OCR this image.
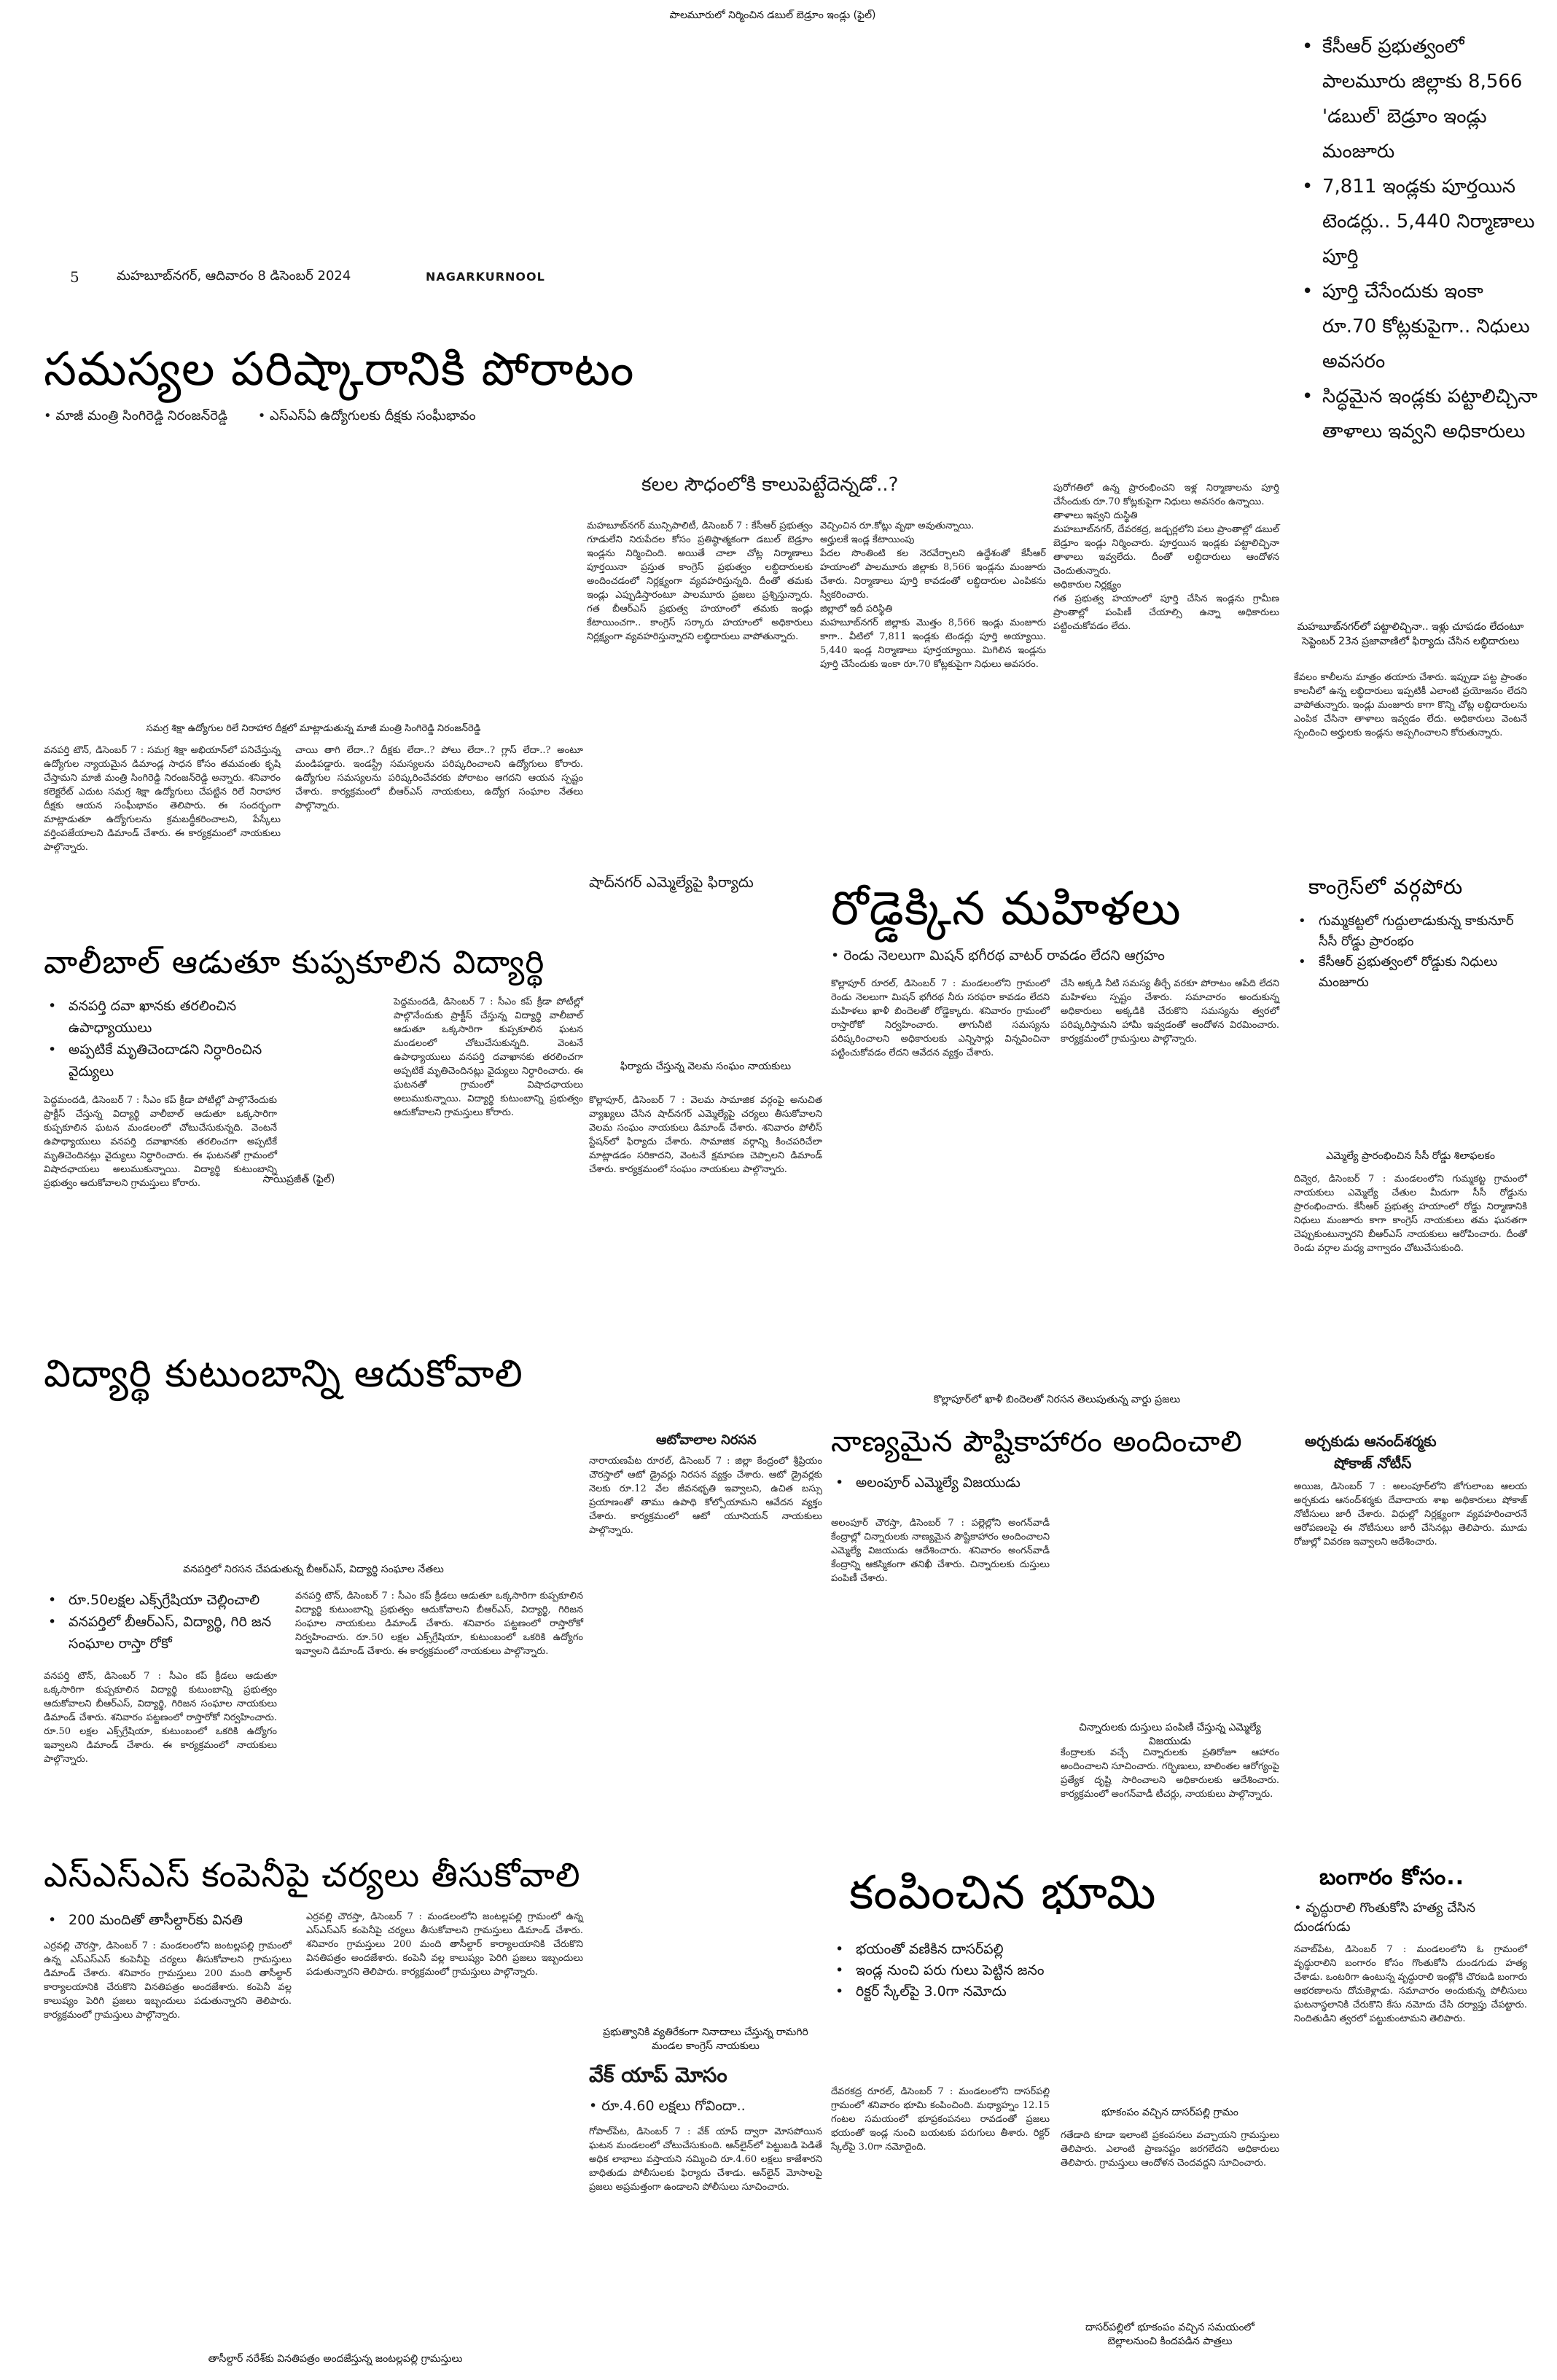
పాలమూరులో నిర్మించిన డబుల్ బెడ్రూం ఇండ్లు (ఫైల్)
5	మహబూబ్‌నగర్, ఆదివారం 8 డిసెంబర్ 2024	NAGARKURNOOL
• కేసీఆర్ ప్రభుత్వంలో పాలమూరు జిల్లాకు 8,566 'డబుల్' బెడ్రూం ఇండ్లు మంజూరు
• 7,811 ఇండ్లకు పూర్తయిన టెండర్లు.. 5,440 నిర్మాణాలు పూర్తి
• పూర్తి చేసేందుకు ఇంకా రూ.70 కోట్లకుపైగా.. నిధులు అవసరం
• సిద్ధమైన ఇండ్లకు పట్టాలిచ్చినా తాళాలు ఇవ్వని అధికారులు
సమస్యల పరిష్కారానికి పోరాటం
• మాజీ మంత్రి సింగిరెడ్డి నిరంజన్‌రెడ్డి • ఎస్ఎస్ఏ ఉద్యోగులకు దీక్షకు సంఘీభావం
సమగ్ర శిక్షా ఉద్యోగుల రిలే నిరాహార దీక్షలో మాట్లాడుతున్న మాజీ మంత్రి సింగిరెడ్డి నిరంజన్‌రెడ్డి
వనపర్తి టౌన్, డిసెంబర్ 7 : సమగ్ర శిక్షా అభియాన్‌లో పనిచేస్తున్న ఉద్యోగుల న్యాయమైన డిమాండ్ల సాధన కోసం తమవంతు కృషి చేస్తామని మాజీ మంత్రి సింగిరెడ్డి నిరంజన్‌రెడ్డి అన్నారు. శనివారం కలెక్టరేట్ ఎదుట సమగ్ర శిక్షా ఉద్యోగులు చేపట్టిన రిలే నిరాహార దీక్షకు ఆయన సంఘీభావం తెలిపారు. ఈ సందర్భంగా మాట్లాడుతూ ఉద్యోగులను క్రమబద్ధీకరించాలని, పేస్కేలు వర్తింపజేయాలని డిమాండ్ చేశారు. ఈ కార్యక్రమంలో నాయకులు పాల్గొన్నారు.
చాయి తాగి లేదా..? దీక్షకు లేదా..? పోలు లేదా..? గ్లాస్ లేదా..? అంటూ మండిపడ్డారు. ఇండస్ట్రీ సమస్యలను పరిష్కరించాలని ఉద్యోగులు కోరారు. ఉద్యోగుల సమస్యలను పరిష్కరించేవరకు పోరాటం ఆగదని ఆయన స్పష్టం చేశారు. కార్యక్రమంలో బీఆర్ఎస్ నాయకులు, ఉద్యోగ సంఘాల నేతలు పాల్గొన్నారు.
వాలీబాల్ ఆడుతూ కుప్పకూలిన విద్యార్థి
• వనపర్తి దవా ఖానకు తరలించిన ఉపాధ్యాయులు
• అప్పటికే మృతిచెందాడని నిర్ధారించిన వైద్యులు
సాయిప్రజీత్ (ఫైల్)
పెద్దమందడి, డిసెంబర్ 7 : సీఎం కప్ క్రీడా పోటీల్లో పాల్గొనేందుకు ప్రాక్టీస్ చేస్తున్న విద్యార్థి వాలీబాల్ ఆడుతూ ఒక్కసారిగా కుప్పకూలిన ఘటన మండలంలో చోటుచేసుకున్నది. వెంటనే ఉపాధ్యాయులు వనపర్తి దవాఖానకు తరలించగా అప్పటికే మృతిచెందినట్లు వైద్యులు నిర్ధారించారు. ఈ ఘటనతో గ్రామంలో విషాదఛాయలు అలుముకున్నాయి. విద్యార్థి కుటుంబాన్ని ప్రభుత్వం ఆదుకోవాలని గ్రామస్తులు కోరారు.
పెద్దమందడి, డిసెంబర్ 7 : సీఎం కప్ క్రీడా పోటీల్లో పాల్గొనేందుకు ప్రాక్టీస్ చేస్తున్న విద్యార్థి వాలీబాల్ ఆడుతూ ఒక్కసారిగా కుప్పకూలిన ఘటన మండలంలో చోటుచేసుకున్నది. వెంటనే ఉపాధ్యాయులు వనపర్తి దవాఖానకు తరలించగా అప్పటికే మృతిచెందినట్లు వైద్యులు నిర్ధారించారు. ఈ ఘటనతో గ్రామంలో విషాదఛాయలు అలుముకున్నాయి. విద్యార్థి కుటుంబాన్ని ప్రభుత్వం ఆదుకోవాలని గ్రామస్తులు కోరారు.
విద్యార్థి కుటుంబాన్ని ఆదుకోవాలి
వనపర్తిలో నిరసన చేపడుతున్న బీఆర్ఎస్, విద్యార్థి సంఘాల నేతలు
• రూ.50లక్షల ఎక్స్‌గ్రేషియా చెల్లించాలి
• వనపర్తిలో బీఆర్ఎస్, విద్యార్థి, గిరి జన సంఘాల రాస్తా రోకో
వనపర్తి టౌన్, డిసెంబర్ 7 : సీఎం కప్ క్రీడలు ఆడుతూ ఒక్కసారిగా కుప్పకూలిన విద్యార్థి కుటుంబాన్ని ప్రభుత్వం ఆదుకోవాలని బీఆర్ఎస్, విద్యార్థి, గిరిజన సంఘాల నాయకులు డిమాండ్ చేశారు. శనివారం పట్టణంలో రాస్తారోకో నిర్వహించారు. రూ.50 లక్షల ఎక్స్‌గ్రేషియా, కుటుంబంలో ఒకరికి ఉద్యోగం ఇవ్వాలని డిమాండ్ చేశారు. ఈ కార్యక్రమంలో నాయకులు పాల్గొన్నారు.
వనపర్తి టౌన్, డిసెంబర్ 7 : సీఎం కప్ క్రీడలు ఆడుతూ ఒక్కసారిగా కుప్పకూలిన విద్యార్థి కుటుంబాన్ని ప్రభుత్వం ఆదుకోవాలని బీఆర్ఎస్, విద్యార్థి, గిరిజన సంఘాల నాయకులు డిమాండ్ చేశారు. శనివారం పట్టణంలో రాస్తారోకో నిర్వహించారు. రూ.50 లక్షల ఎక్స్‌గ్రేషియా, కుటుంబంలో ఒకరికి ఉద్యోగం ఇవ్వాలని డిమాండ్ చేశారు. ఈ కార్యక్రమంలో నాయకులు పాల్గొన్నారు.
ఎస్ఎస్ఎస్ కంపెనీపై చర్యలు తీసుకోవాలి
• 200 మందితో తాసీల్దార్‌కు వినతి
ఎర్రవల్లి చౌరస్తా, డిసెంబర్ 7 : మండలంలోని జంటల్లపల్లి గ్రామంలో ఉన్న ఎస్ఎస్ఎస్ కంపెనీపై చర్యలు తీసుకోవాలని గ్రామస్తులు డిమాండ్ చేశారు. శనివారం గ్రామస్తులు 200 మంది తాసీల్దార్ కార్యాలయానికి చేరుకొని వినతిపత్రం అందజేశారు. కంపెనీ వల్ల కాలుష్యం పెరిగి ప్రజలు ఇబ్బందులు పడుతున్నారని తెలిపారు. కార్యక్రమంలో గ్రామస్తులు పాల్గొన్నారు.
ఎర్రవల్లి చౌరస్తా, డిసెంబర్ 7 : మండలంలోని జంటల్లపల్లి గ్రామంలో ఉన్న ఎస్ఎస్ఎస్ కంపెనీపై చర్యలు తీసుకోవాలని గ్రామస్తులు డిమాండ్ చేశారు. శనివారం గ్రామస్తులు 200 మంది తాసీల్దార్ కార్యాలయానికి చేరుకొని వినతిపత్రం అందజేశారు. కంపెనీ వల్ల కాలుష్యం పెరిగి ప్రజలు ఇబ్బందులు పడుతున్నారని తెలిపారు. కార్యక్రమంలో గ్రామస్తులు పాల్గొన్నారు.
తాసీల్దార్ నరేశ్‌కు వినతిపత్రం అందజేస్తున్న జంటల్లపల్లి గ్రామస్తులు
కలల సౌధంలోకి కాలుపెట్టేదెన్నడో..?
మహబూబ్‌నగర్ మున్సిపాలిటీ, డిసెంబర్ 7 : కేసీఆర్ ప్రభుత్వం గూడులేని నిరుపేదల కోసం ప్రతిష్ఠాత్మకంగా డబుల్ బెడ్రూం ఇండ్లను నిర్మించింది. అయితే చాలా చోట్ల నిర్మాణాలు పూర్తయినా ప్రస్తుత కాంగ్రెస్ ప్రభుత్వం లబ్ధిదారులకు అందించడంలో నిర్లక్ష్యంగా వ్యవహరిస్తున్నది. దీంతో తమకు ఇండ్లు ఎప్పుడిస్తారంటూ పాలమూరు ప్రజలు ప్రశ్నిస్తున్నారు. గత బీఆర్ఎస్ ప్రభుత్వ హయాంలో తమకు ఇండ్లు కేటాయించగా.. కాంగ్రెస్ సర్కారు హయాంలో అధికారులు నిర్లక్ష్యంగా వ్యవహరిస్తున్నారని లబ్ధిదారులు వాపోతున్నారు.
వెచ్చించిన రూ.కోట్లు వృథా అవుతున్నాయి.
అర్హులకే ఇండ్ల కేటాయింపు
పేదల సొంతింటి కల నెరవేర్చాలని ఉద్దేశంతో కేసీఆర్ హయాంలో పాలమూరు జిల్లాకు 8,566 ఇండ్లను మంజూరు చేశారు. నిర్మాణాలు పూర్తి కావడంతో లబ్ధిదారుల ఎంపికను స్వీకరించారు.
జిల్లాలో ఇదీ పరిస్థితి
మహబూబ్‌నగర్ జిల్లాకు మొత్తం 8,566 ఇండ్లు మంజూరు కాగా.. వీటిలో 7,811 ఇండ్లకు టెండర్లు పూర్తి అయ్యాయి. 5,440 ఇండ్ల నిర్మాణాలు పూర్తయ్యాయి. మిగిలిన ఇండ్లను పూర్తి చేసేందుకు ఇంకా రూ.70 కోట్లకుపైగా నిధులు అవసరం.
పురోగతిలో ఉన్న ప్రారంభించని ఇళ్ల నిర్మాణాలను పూర్తి చేసేందుకు రూ.70 కోట్లకుపైగా నిధులు అవసరం ఉన్నాయి.
తాళాలు ఇవ్వని దుస్థితి
మహబూబ్‌నగర్, దేవరకద్ర, జడ్చర్లలోని పలు ప్రాంతాల్లో డబుల్ బెడ్రూం ఇండ్లు నిర్మించారు. పూర్తయిన ఇండ్లకు పట్టాలిచ్చినా తాళాలు ఇవ్వలేదు. దీంతో లబ్ధిదారులు ఆందోళన చెందుతున్నారు.
అధికారుల నిర్లక్ష్యం
గత ప్రభుత్వ హయాంలో పూర్తి చేసిన ఇండ్లను గ్రామీణ ప్రాంతాల్లో పంపిణీ చేయాల్సి ఉన్నా అధికారులు పట్టించుకోవడం లేదు.	మహబూబ్‌నగర్‌లో పట్టాలిచ్చినా.. ఇళ్లు చూపడం లేదంటూ సెప్టెంబర్ 23న ప్రజావాణిలో ఫిర్యాదు చేసిన లబ్ధిదారులు
కేవలం కాలీలను మాత్రం తయారు చేశారు. ఇప్పుడా పట్ట ప్రాంతం కాలనీలో ఉన్న లబ్ధిదారులు ఇప్పటికీ ఎలాంటి ప్రయోజనం లేదని వాపోతున్నారు. ఇండ్లు మంజూరు కాగా కొన్ని చోట్ల లబ్ధిదారులను ఎంపిక చేసినా తాళాలు ఇవ్వడం లేదు. అధికారులు వెంటనే స్పందించి అర్హులకు ఇండ్లను అప్పగించాలని కోరుతున్నారు.
షాద్‌నగర్ ఎమ్మెల్యేపై ఫిర్యాదు రోడ్డెక్కిన మహిళలు
• రెండు నెలలుగా మిషన్ భగీరథ వాటర్ రావడం లేదని ఆగ్రహం
కొల్లాపూర్ రూరల్, డిసెంబర్ 7 : మండలంలోని గ్రామంలో రెండు నెలలుగా మిషన్ భగీరథ నీరు సరఫరా కావడం లేదని మహిళలు ఖాళీ బిందెలతో రోడ్డెక్కారు. శనివారం గ్రామంలో రాస్తారోకో నిర్వహించారు. తాగునీటి సమస్యను పరిష్కరించాలని అధికారులకు ఎన్నిసార్లు విన్నవించినా పట్టించుకోవడం లేదని ఆవేదన వ్యక్తం చేశారు.
చేసి అక్కడి నీటి సమస్య తీర్చే వరకూ పోరాటం ఆపేది లేదని మహిళలు స్పష్టం చేశారు. సమాచారం అందుకున్న అధికారులు అక్కడికి చేరుకొని సమస్యను త్వరలో పరిష్కరిస్తామని హామీ ఇవ్వడంతో ఆందోళన విరమించారు. కార్యక్రమంలో గ్రామస్తులు పాల్గొన్నారు.
కాంగ్రెస్‌లో వర్గపోరు
• గుమ్మకట్టలో గుద్దులాడుకున్న కాకునూర్ సీసీ రోడ్డు ప్రారంభం
• కేసీఆర్ ప్రభుత్వంలో రోడ్డుకు నిధులు మంజూరు
ఎమ్మెల్యే ప్రారంభించిన సీసీ రోడ్డు శిలాఫలకం
దివ్వెర, డిసెంబర్ 7 : మండలంలోని గుమ్మకట్ట గ్రామంలో నాయకులు ఎమ్మెల్యే చేతుల మీదుగా సీసీ రోడ్డును ప్రారంభించారు. కేసీఆర్ ప్రభుత్వ హయాంలో రోడ్డు నిర్మాణానికి నిధులు మంజూరు కాగా కాంగ్రెస్ నాయకులు తమ ఘనతగా చెప్పుకుంటున్నారని బీఆర్ఎస్ నాయకులు ఆరోపించారు. దీంతో రెండు వర్గాల మధ్య వాగ్వాదం చోటుచేసుకుంది.
ఫిర్యాదు చేస్తున్న వెలమ సంఘం నాయకులు
కొల్లాపూర్, డిసెంబర్ 7 : వెలమ సామాజిక వర్గంపై అనుచిత వ్యాఖ్యలు చేసిన షాద్‌నగర్ ఎమ్మెల్యేపై చర్యలు తీసుకోవాలని వెలమ సంఘం నాయకులు డిమాండ్ చేశారు. శనివారం పోలీస్ స్టేషన్‌లో ఫిర్యాదు చేశారు. సామాజిక వర్గాన్ని కించపరిచేలా మాట్లాడడం సరికాదని, వెంటనే క్షమాపణ చెప్పాలని డిమాండ్ చేశారు. కార్యక్రమంలో సంఘం నాయకులు పాల్గొన్నారు.
ఆటోవాలాల నిరసన
నారాయణపేట రూరల్, డిసెంబర్ 7 : జిల్లా కేంద్రంలో శ్రీప్రియం చౌరస్తాలో ఆటో డ్రైవర్లు నిరసన వ్యక్తం చేశారు. ఆటో డ్రైవర్లకు నెలకు రూ.12 వేల జీవనభృతి ఇవ్వాలని, ఉచిత బస్సు ప్రయాణంతో తాము ఉపాధి కోల్పోయామని ఆవేదన వ్యక్తం చేశారు. కార్యక్రమంలో ఆటో యూనియన్ నాయకులు పాల్గొన్నారు.
కొల్లాపూర్‌లో ఖాళీ బిందెలతో నిరసన తెలుపుతున్న వార్డు ప్రజలు
నాణ్యమైన పౌష్టికాహారం అందించాలి
• అలంపూర్ ఎమ్మెల్యే విజయుడు
అలంపూర్ చౌరస్తా, డిసెంబర్ 7 : పల్లెల్లోని అంగన్‌వాడీ కేంద్రాల్లో చిన్నారులకు నాణ్యమైన పౌష్టికాహారం అందించాలని ఎమ్మెల్యే విజయుడు ఆదేశించారు. శనివారం అంగన్‌వాడీ కేంద్రాన్ని ఆకస్మికంగా తనిఖీ చేశారు. చిన్నారులకు దుస్తులు పంపిణీ చేశారు.
చిన్నారులకు దుస్తులు పంపిణీ చేస్తున్న ఎమ్మెల్యే విజయుడు
కేంద్రాలకు వచ్చే చిన్నారులకు ప్రతిరోజూ ఆహారం అందించాలని సూచించారు. గర్భిణులు, బాలింతల ఆరోగ్యంపై ప్రత్యేక దృష్టి సారించాలని అధికారులకు ఆదేశించారు. కార్యక్రమంలో అంగన్‌వాడీ టీచర్లు, నాయకులు పాల్గొన్నారు.
అర్చకుడు ఆనంద్‌శర్మకు
షోకాజ్ నోటీస్
అయిజ, డిసెంబర్ 7 : అలంపూర్‌లోని జోగులాంబ ఆలయ అర్చకుడు ఆనంద్‌శర్మకు దేవాదాయ శాఖ అధికారులు షోకాజ్ నోటీసులు జారీ చేశారు. విధుల్లో నిర్లక్ష్యంగా వ్యవహరించారనే ఆరోపణలపై ఈ నోటీసులు జారీ చేసినట్లు తెలిపారు. మూడు రోజుల్లో వివరణ ఇవ్వాలని ఆదేశించారు.
కంపించిన భూమి
• భయంతో వణికిన దాసర్‌పల్లి
• ఇండ్ల నుంచి పరు గులు పెట్టిన జనం
• రిక్టర్ స్కేల్‌పై 3.0గా నమోదు
దేవరకద్ర రూరల్, డిసెంబర్ 7 : మండలంలోని దాసర్‌పల్లి గ్రామంలో శనివారం భూమి కంపించింది. మధ్యాహ్నం 12.15 గంటల సమయంలో భూప్రకంపనలు రావడంతో ప్రజలు భయంతో ఇండ్ల నుంచి బయటకు పరుగులు తీశారు. రిక్టర్ స్కేల్‌పై 3.0గా నమోదైంది.
భూకంపం వచ్చిన దాసర్‌పల్లి గ్రామం
గతేడాది కూడా ఇలాంటి ప్రకంపనలు వచ్చాయని గ్రామస్తులు తెలిపారు. ఎలాంటి ప్రాణనష్టం జరగలేదని అధికారులు తెలిపారు. గ్రామస్తులు ఆందోళన చెందవద్దని సూచించారు.
దాసర్‌పల్లిలో భూకంపం వచ్చిన సమయంలో బెల్లాలనుంచి కిందపడిన పాత్రలు
ప్రభుత్వానికి వ్యతిరేకంగా నినాదాలు చేస్తున్న రామగిరి మండల కాంగ్రెస్ నాయకులు
వేక్ యాప్ మోసం
• రూ.4.60 లక్షలు గోవిందా..
గోపాల్‌పేట, డిసెంబర్ 7 : వేక్ యాప్ ద్వారా మోసపోయిన ఘటన మండలంలో చోటుచేసుకుంది. ఆన్‌లైన్‌లో పెట్టుబడి పెడితే అధిక లాభాలు వస్తాయని నమ్మించి రూ.4.60 లక్షలు కాజేశారని బాధితుడు పోలీసులకు ఫిర్యాదు చేశాడు. ఆన్‌లైన్ మోసాలపై ప్రజలు అప్రమత్తంగా ఉండాలని పోలీసులు సూచించారు.
బంగారం కోసం..
• వృద్ధురాలి గొంతుకోసి హత్య చేసిన దుండగుడు
నవాబ్‌పేట, డిసెంబర్ 7 : మండలంలోని ఓ గ్రామంలో వృద్ధురాలిని బంగారం కోసం గొంతుకోసి దుండగుడు హత్య చేశాడు. ఒంటరిగా ఉంటున్న వృద్ధురాలి ఇంట్లోకి చొరబడి బంగారు ఆభరణాలను దోచుకెళ్లాడు. సమాచారం అందుకున్న పోలీసులు ఘటనాస్థలానికి చేరుకొని కేసు నమోదు చేసి దర్యాప్తు చేపట్టారు. నిందితుడిని త్వరలో పట్టుకుంటామని తెలిపారు.
